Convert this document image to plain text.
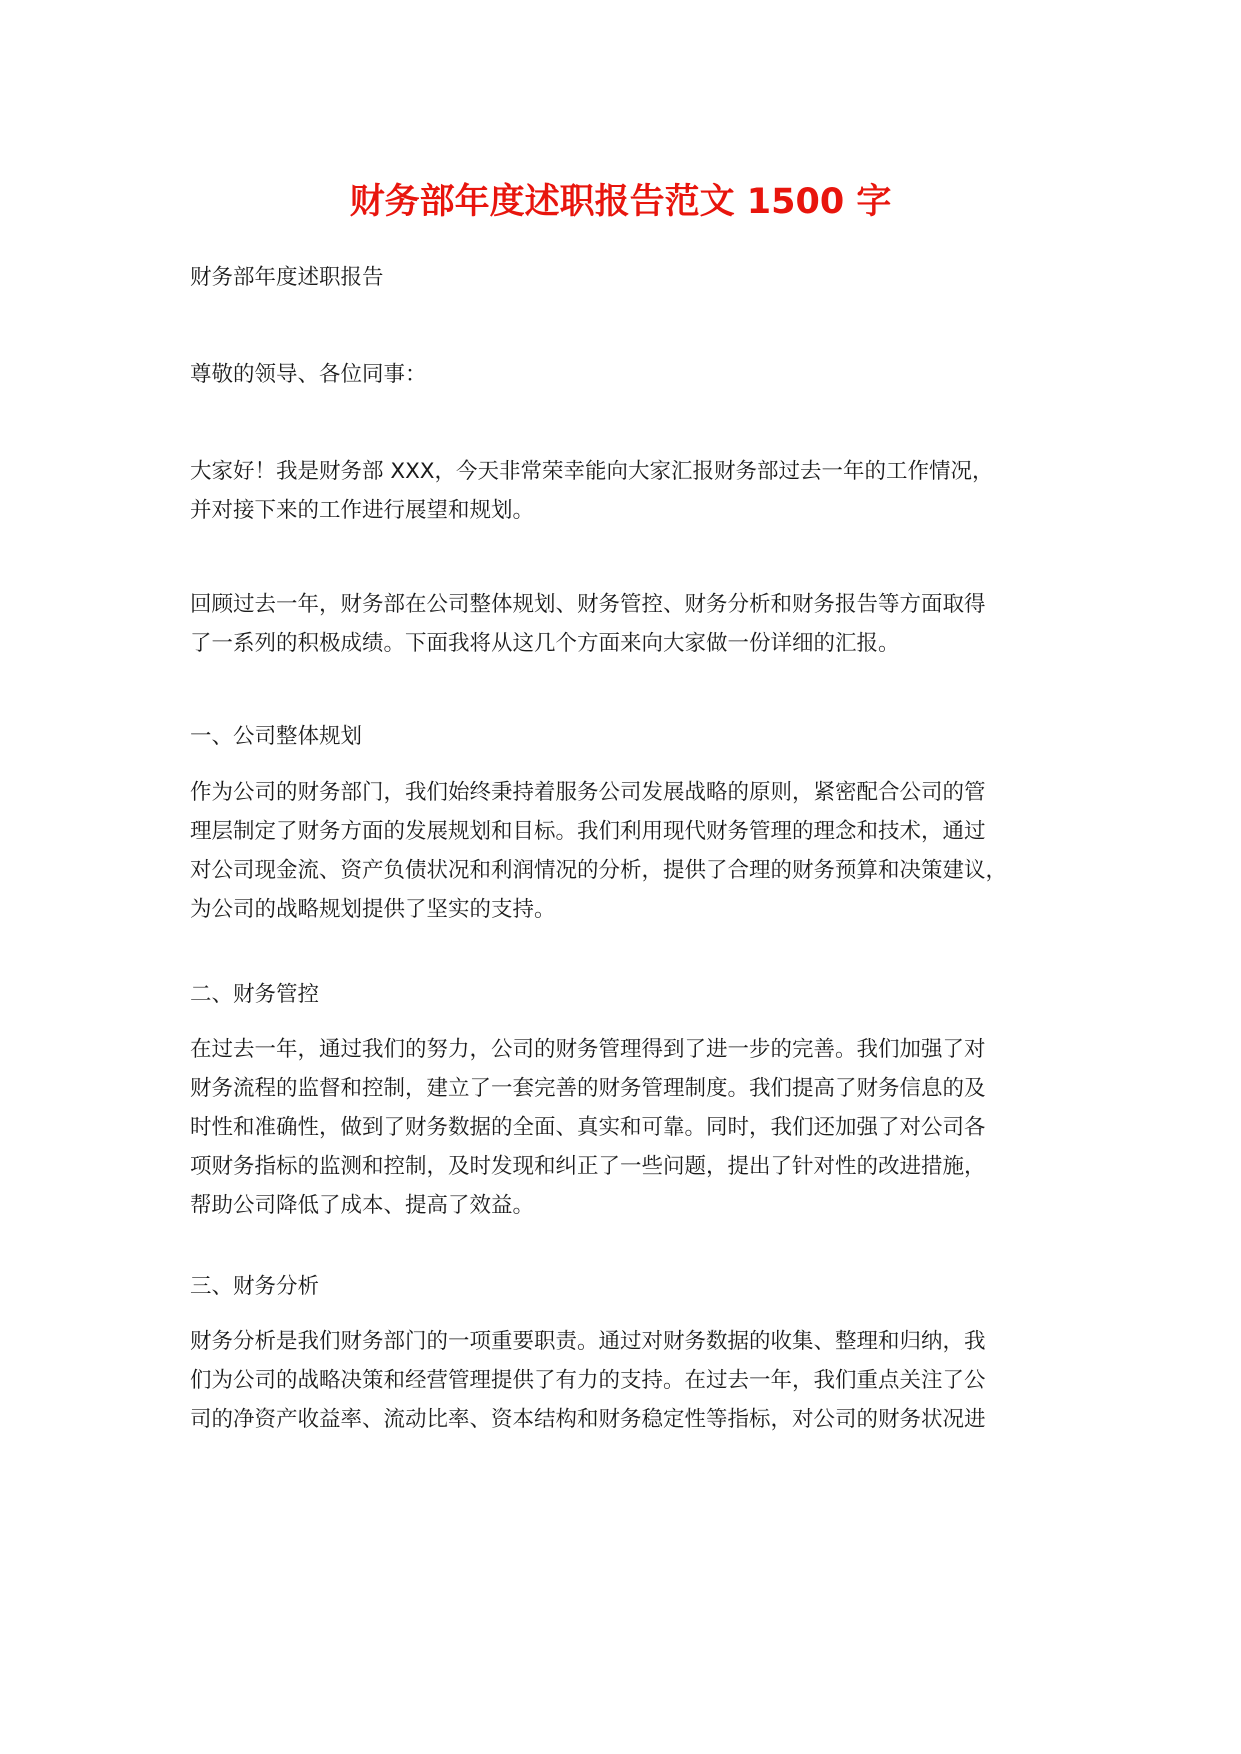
财务部年度述职报告范文 1500 字

财务部年度述职报告

尊敬的领导、各位同事：

大家好！我是财务部 XXX，今天非常荣幸能向大家汇报财务部过去一年的工作情况，
并对接下来的工作进行展望和规划。

回顾过去一年，财务部在公司整体规划、财务管控、财务分析和财务报告等方面取得
了一系列的积极成绩。下面我将从这几个方面来向大家做一份详细的汇报。

一、公司整体规划

作为公司的财务部门，我们始终秉持着服务公司发展战略的原则，紧密配合公司的管
理层制定了财务方面的发展规划和目标。我们利用现代财务管理的理念和技术，通过
对公司现金流、资产负债状况和利润情况的分析，提供了合理的财务预算和决策建议，
为公司的战略规划提供了坚实的支持。

二、财务管控

在过去一年，通过我们的努力，公司的财务管理得到了进一步的完善。我们加强了对
财务流程的监督和控制，建立了一套完善的财务管理制度。我们提高了财务信息的及
时性和准确性，做到了财务数据的全面、真实和可靠。同时，我们还加强了对公司各
项财务指标的监测和控制，及时发现和纠正了一些问题，提出了针对性的改进措施，
帮助公司降低了成本、提高了效益。

三、财务分析

财务分析是我们财务部门的一项重要职责。通过对财务数据的收集、整理和归纳，我
们为公司的战略决策和经营管理提供了有力的支持。在过去一年，我们重点关注了公
司的净资产收益率、流动比率、资本结构和财务稳定性等指标，对公司的财务状况进
